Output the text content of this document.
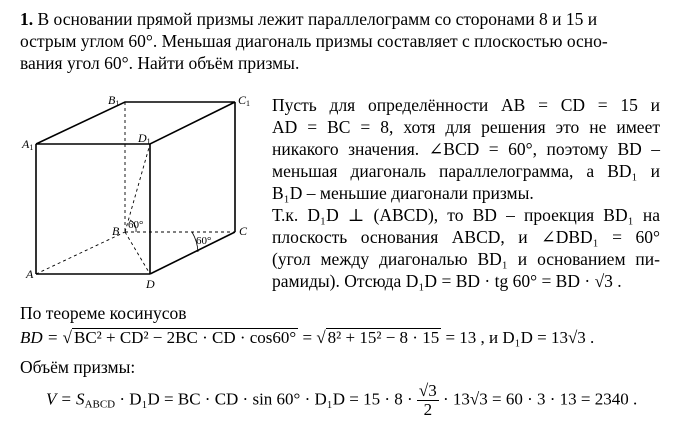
1. В основании прямой призмы лежит параллелограмм со сторонами 8 и 15 и
острым углом 60°. Меньшая диагональ призмы составляет с плоскостью осно-
вания угол 60°. Найти объём призмы.
B1	C1
A1
D1
B	C
A
D
60°
60°
Пусть для определённости AB = CD = 15 и
AD = BC = 8, хотя для решения это не имеет
никакого значения. ∠BCD = 60°, поэтому BD –
меньшая диагональ параллелограмма, а BD₁ и
B₁D – меньшие диагонали призмы.
Т.к. D₁D ⊥ (ABCD), то BD – проекция BD₁ на
плоскость основания ABCD, и ∠DBD₁ = 60°
(угол между диагональю BD₁ и основанием пи-
рамиды). Отсюда D₁D = BD · tg 60° = BD · √3 .
По теореме косинусов
BD = √ BC² + CD² − 2BC · CD · cos60° = √ 8² + 15² − 8 · 15 = 13 , и D₁D = 13√3 .
Объём призмы:
$V = S_{ABCD} \cdot D_1D$ = BC · CD · $\sin 60^\circ \cdot D_1D = 15 \cdot 8 \cdot \frac{√3}{2} \cdot 13√3 = 60 \cdot 3 \cdot 13 = 2340$ .
